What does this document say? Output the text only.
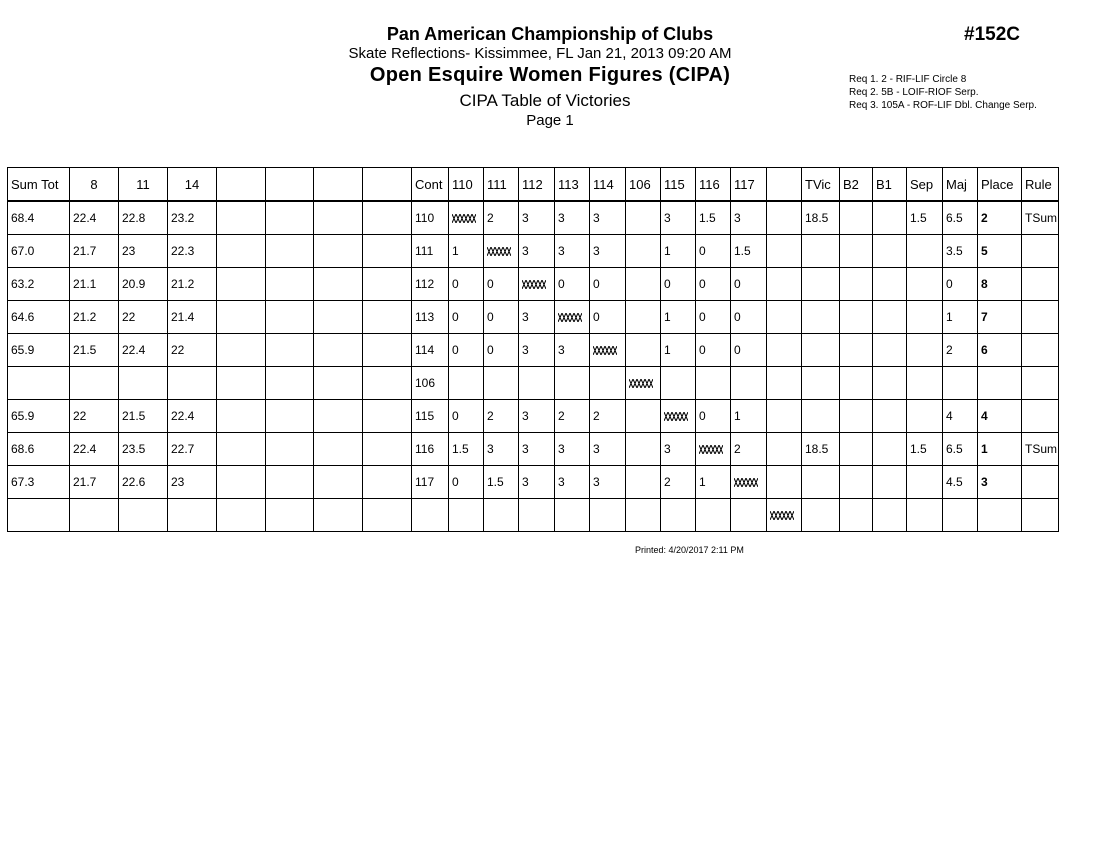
Pan American Championship of Clubs
Skate Reflections- Kissimmee, FL Jan 21, 2013 09:20 AM
Open Esquire Women Figures (CIPA)
CIPA Table of Victories
Page 1
#152C
Req 1. 2 - RIF-LIF Circle 8
Req 2. 5B - LOIF-RIOF Serp.
Req 3. 105A - ROF-LIF Dbl. Change Serp.
Sum Tot	8	11	14					Cont	110	111	112	113	114	106	115	116	117		TVic	B2	B1	Sep	Maj	Place	Rule
68.4	22.4	22.8	23.2					110		2	3	3	3		3	1.5	3		18.5			1.5	6.5	2	TSum
67.0	21.7	23	22.3					111	1		3	3	3		1	0	1.5						3.5	5	
63.2	21.1	20.9	21.2					112	0	0		0	0		0	0	0						0	8	
64.6	21.2	22	21.4					113	0	0	3		0		1	0	0						1	7	
65.9	21.5	22.4	22					114	0	0	3	3			1	0	0						2	6	
								106																	
65.9	22	21.5	22.4					115	0	2	3	2	2			0	1						4	4	
68.6	22.4	23.5	22.7					116	1.5	3	3	3	3		3		2		18.5			1.5	6.5	1	TSum
67.3	21.7	22.6	23					117	0	1.5	3	3	3		2	1							4.5	3	

Printed: 4/20/2017 2:11 PM
